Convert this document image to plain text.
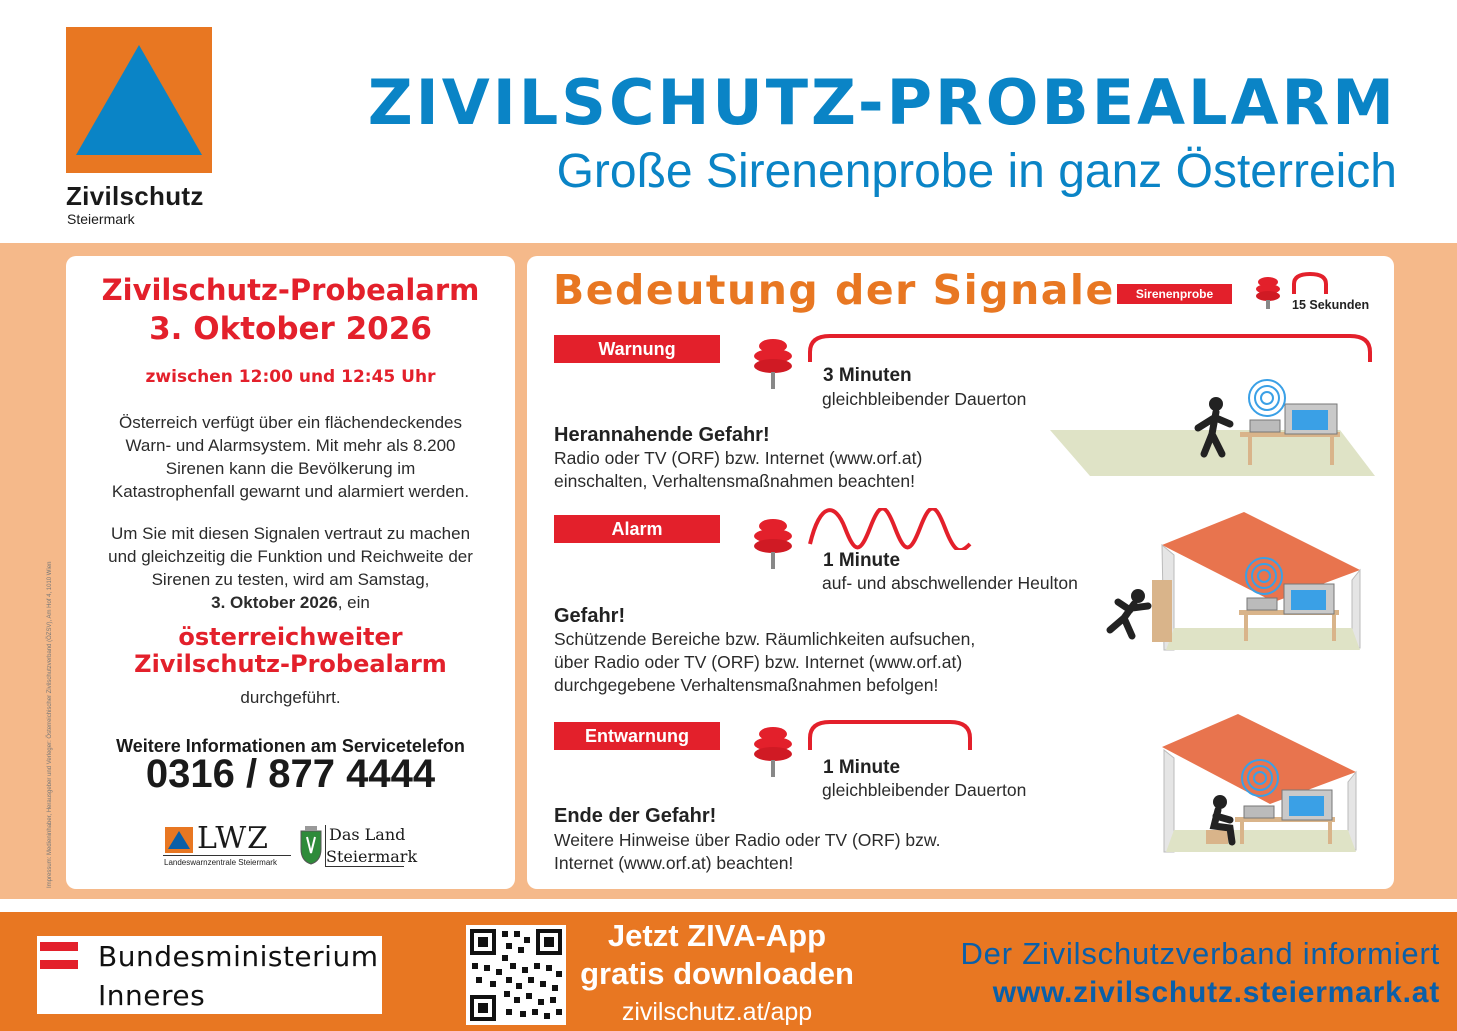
Zivilschutz
Steiermark
ZIVILSCHUTZ-PROBEALARM
Große Sirenenprobe in ganz Österreich
Impressum: Medieninhaber, Herausgeber und Verleger: Österreichischer Zivilschutzverband (ÖZSV), Am Hof 4, 1010 Wien
Zivilschutz-Probealarm
3. Oktober 2026
zwischen 12:00 und 12:45 Uhr
Österreich verfügt über ein flächendeckendes
Warn- und Alarmsystem. Mit mehr als 8.200
Sirenen kann die Bevölkerung im
Katastrophenfall gewarnt und alarmiert werden.
Um Sie mit diesen Signalen vertraut zu machen
und gleichzeitig die Funktion und Reichweite der
Sirenen zu testen, wird am Samstag,
3. Oktober 2026, ein
österreichweiter
Zivilschutz-Probealarm
durchgeführt.
Weitere Informationen am Servicetelefon
0316 / 877 4444
LWZ
Landeswarnzentrale Steiermark
Das Land
Steiermark
Bedeutung der Signale	Sirenenprobe
15 Sekunden
Warnung
3 Minuten
gleichbleibender Dauerton
Herannahende Gefahr!
Radio oder TV (ORF) bzw. Internet (www.orf.at)
einschalten, Verhaltensmaßnahmen beachten!
Alarm
1 Minute
auf- und abschwellender Heulton
Gefahr!
Schützende Bereiche bzw. Räumlichkeiten aufsuchen,
über Radio oder TV (ORF) bzw. Internet (www.orf.at)
durchgegebene Verhaltensmaßnahmen befolgen!
Entwarnung
1 Minute
gleichbleibender Dauerton
Ende der Gefahr!
Weitere Hinweise über Radio oder TV (ORF) bzw.
Internet (www.orf.at) beachten!
Bundesministerium
Inneres
Jetzt ZIVA-App
gratis downloaden
zivilschutz.at/app
Der Zivilschutzverband informiert
www.zivilschutz.steiermark.at
